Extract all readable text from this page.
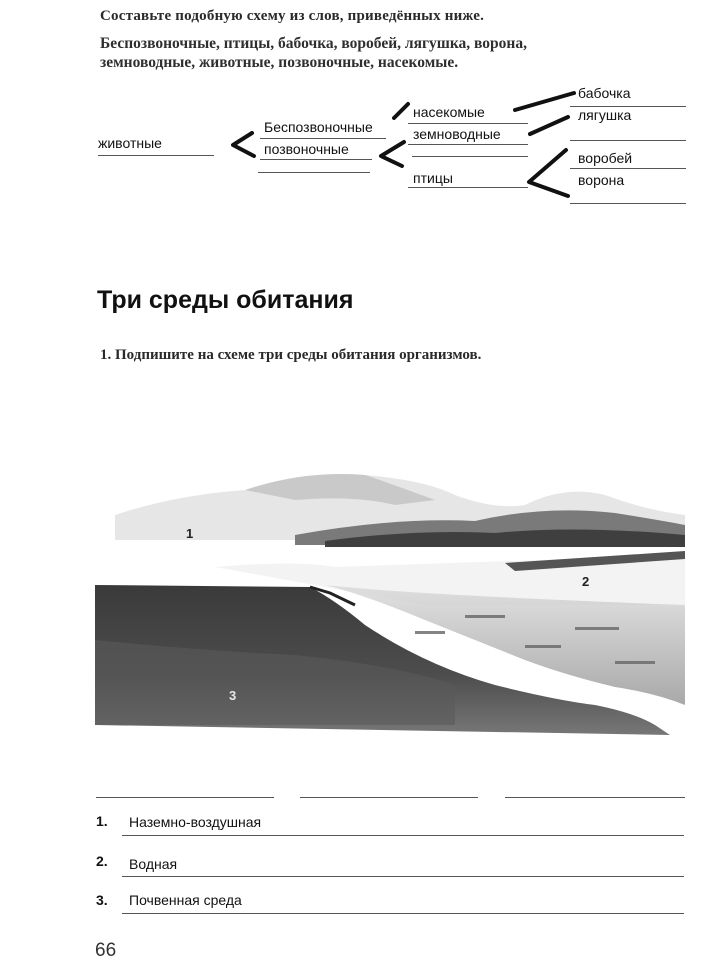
Составьте подобную схему из слов, приведённых ниже.
Беспозвоночные, птицы, бабочка, воробей, лягушка, ворона,
земноводные, животные, позвоночные, насекомые.
животные
Беспозвоночные
позвоночные
насекомые
земноводные
птицы
бабочка
лягушка
воробей
ворона
Три среды обитания
1. Подпишите на схеме три среды обитания организмов.
1
2
3
1. Наземно-воздушная
2. Водная
3. Почвенная среда
66
